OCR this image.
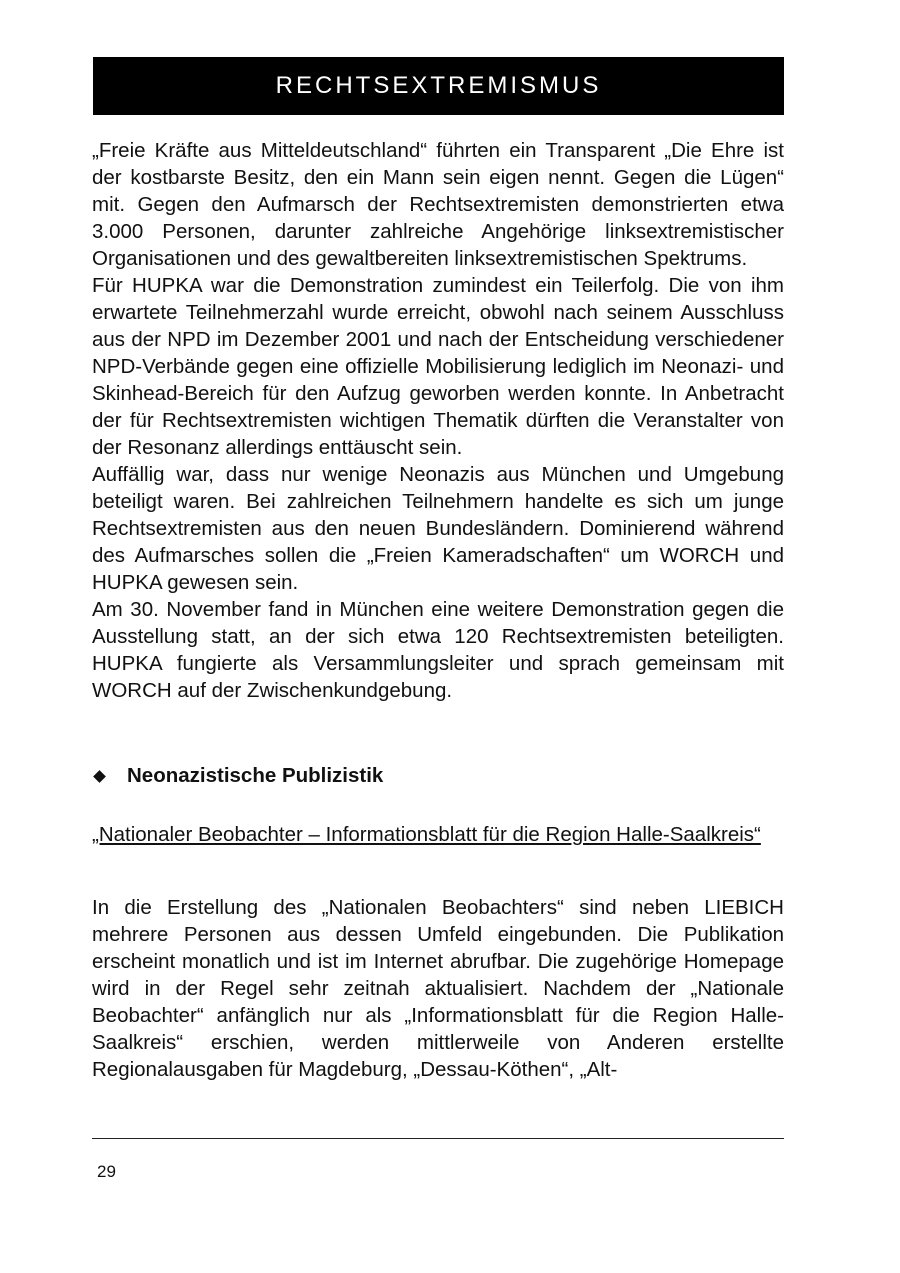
RECHTSEXTREMISMUS

„Freie Kräfte aus Mitteldeutschland“ führten ein Transparent „Die Ehre ist der kostbarste Besitz, den ein Mann sein eigen nennt. Gegen die Lügen“ mit. Gegen den Aufmarsch der Rechtsextremisten demonstrierten etwa 3.000 Personen, darunter zahlreiche Angehörige linksextremistischer Organisationen und des gewaltbereiten linksextremistischen Spektrums.

Für HUPKA war die Demonstration zumindest ein Teilerfolg. Die von ihm erwartete Teilnehmerzahl wurde erreicht, obwohl nach seinem Ausschluss aus der NPD im Dezember 2001 und nach der Entscheidung verschiedener NPD-Verbände gegen eine offizielle Mobilisierung lediglich im Neonazi- und Skinhead-Bereich für den Aufzug geworben werden konnte. In Anbetracht der für Rechtsextremisten wichtigen Thematik dürften die Veranstalter von der Resonanz allerdings enttäuscht sein.

Auffällig war, dass nur wenige Neonazis aus München und Umgebung beteiligt waren. Bei zahlreichen Teilnehmern handelte es sich um junge Rechtsextremisten aus den neuen Bundesländern. Dominierend während des Aufmarsches sollen die „Freien Kameradschaften“ um WORCH und HUPKA gewesen sein.

Am 30. November fand in München eine weitere Demonstration gegen die Ausstellung statt, an der sich etwa 120 Rechtsextremisten beteiligten. HUPKA fungierte als Versammlungsleiter und sprach gemeinsam mit WORCH auf der Zwischenkundgebung.

Neonazistische Publizistik
„Nationaler Beobachter – Informationsblatt für die Region Halle-Saalkreis“

In die Erstellung des „Nationalen Beobachters“ sind neben LIEBICH mehrere Personen aus dessen Umfeld eingebunden. Die Publikation erscheint monatlich und ist im Internet abrufbar. Die zugehörige Homepage wird in der Regel sehr zeitnah aktualisiert. Nachdem der „Nationale Beobachter“ anfänglich nur als „Informationsblatt für die Region Halle-Saalkreis“ erschien, werden mittlerweile von Anderen erstellte Regionalausgaben für Magdeburg, „Dessau-Köthen“, „Alt-

29
